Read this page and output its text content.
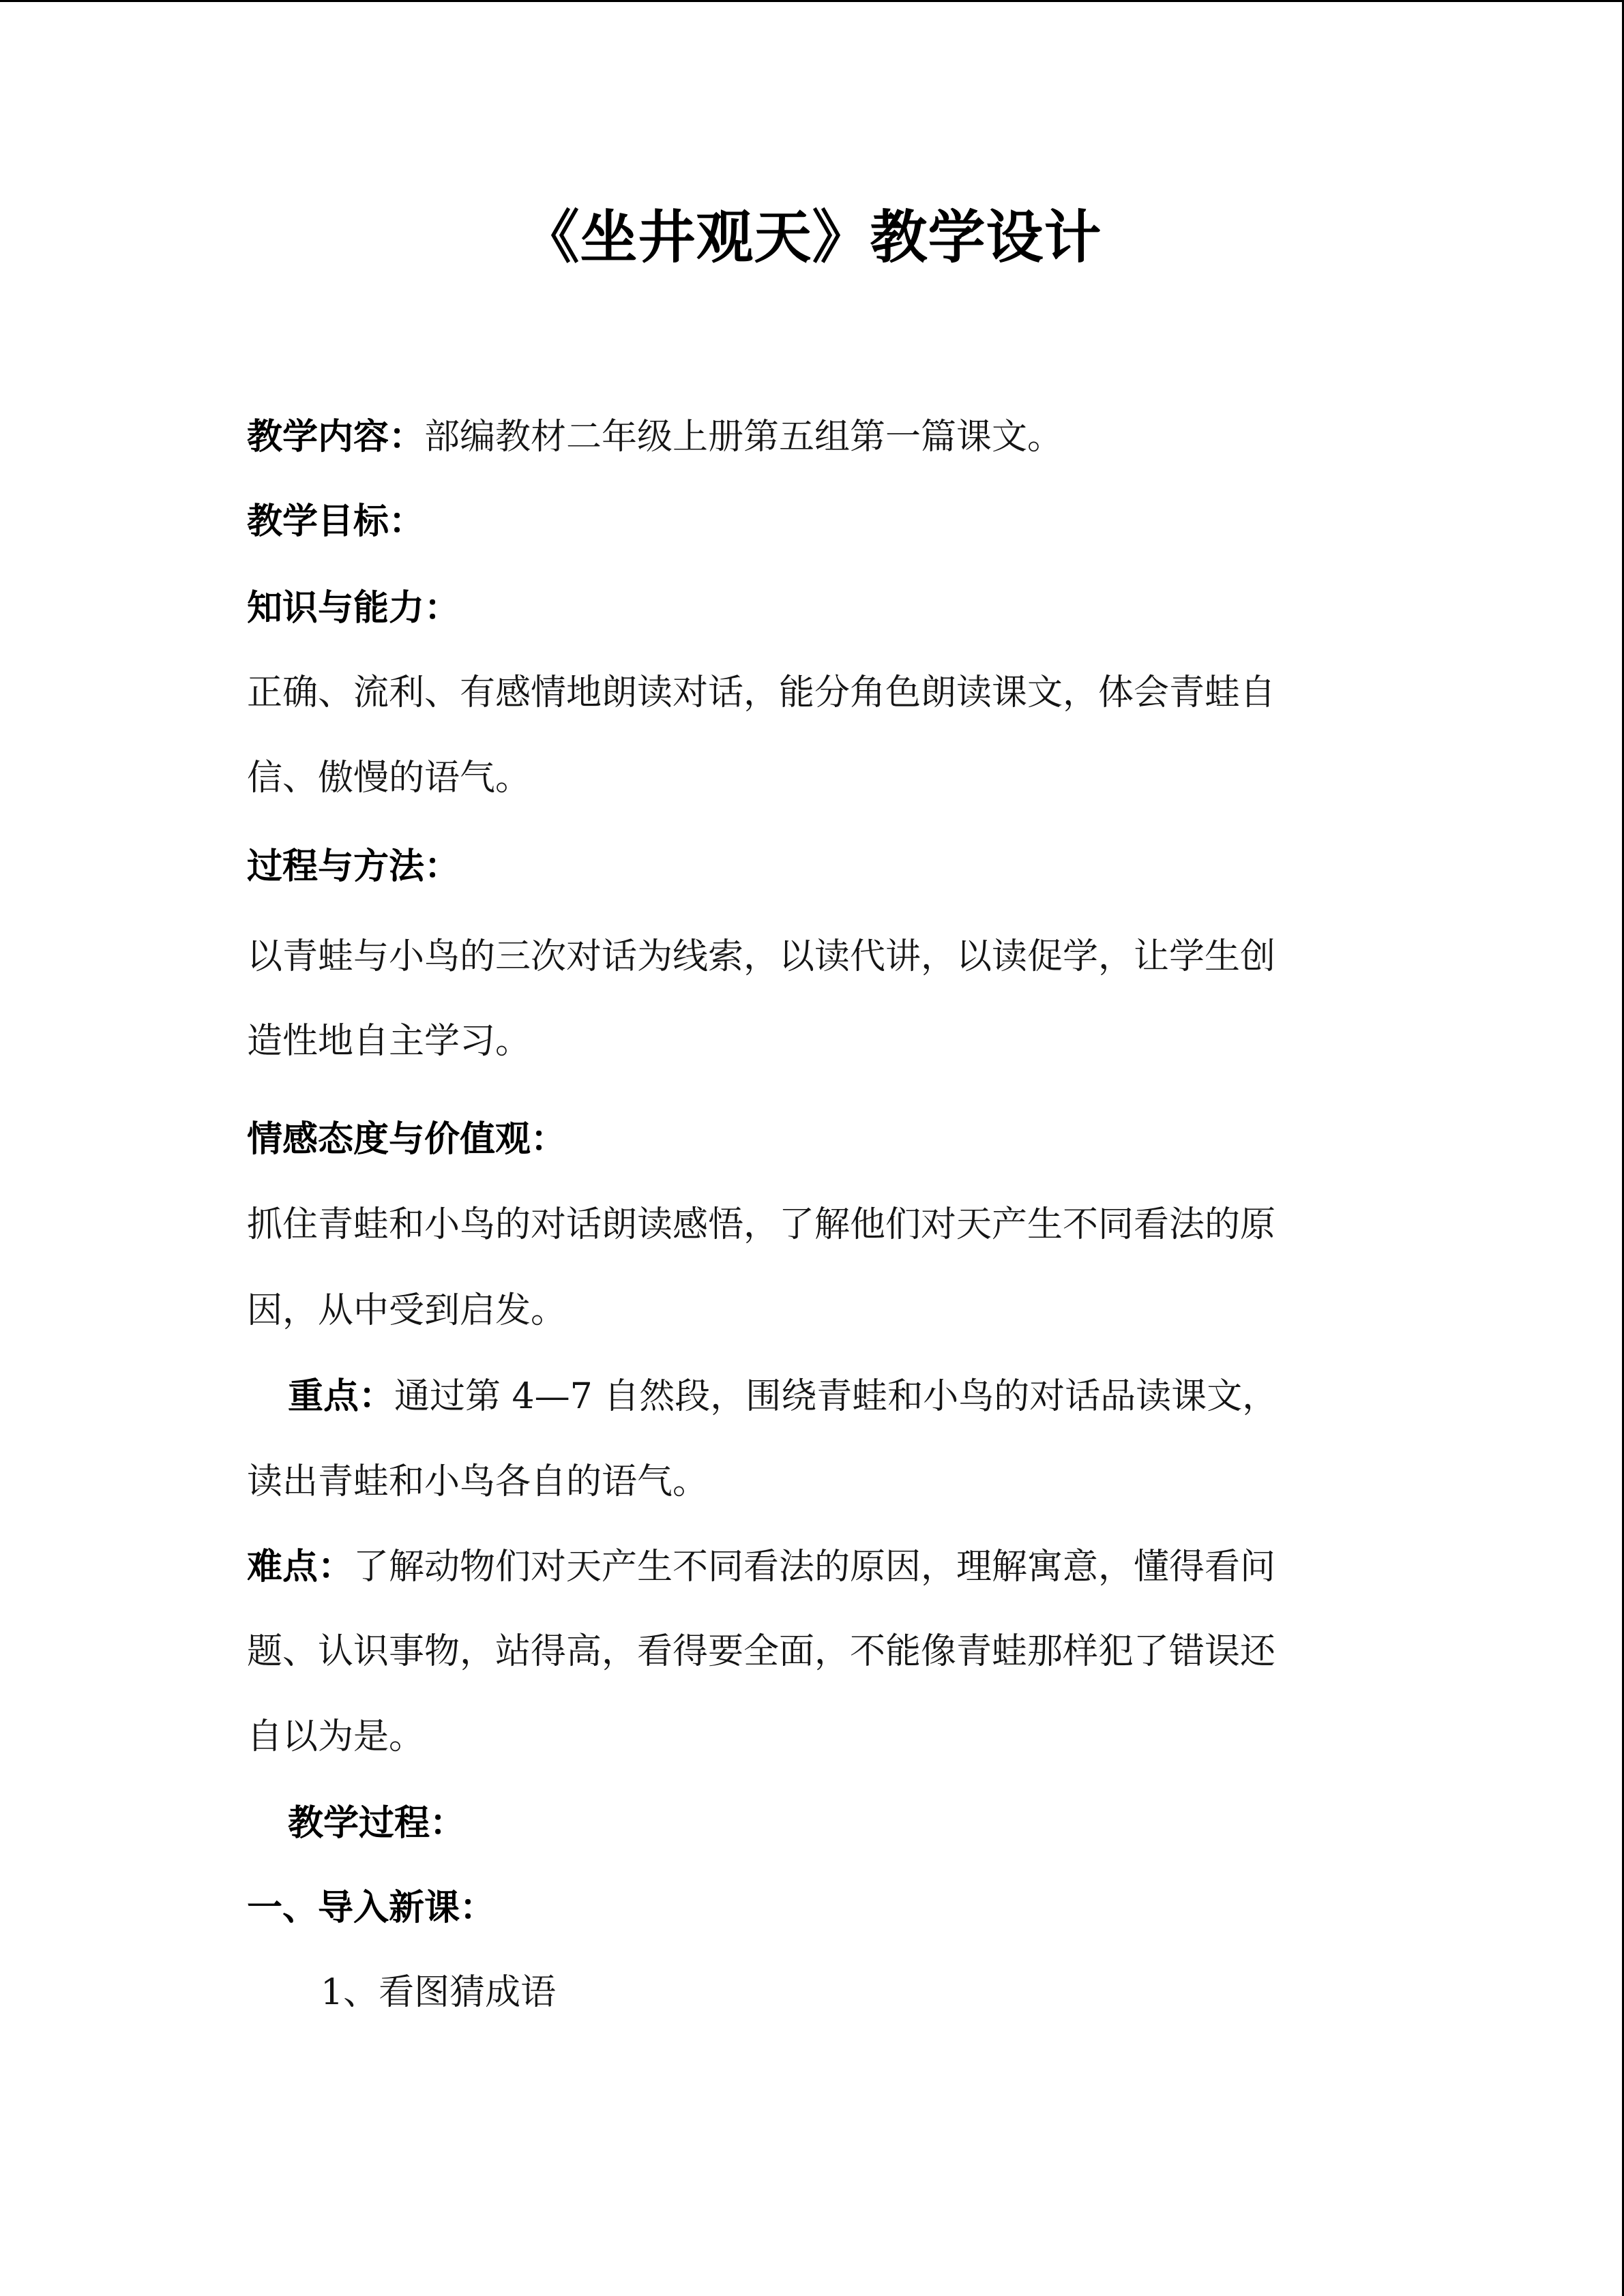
《坐井观天》教学设计
教学内容：部编教材二年级上册第五组第一篇课文。
教学目标：
知识与能力：
正确、流利、有感情地朗读对话，能分角色朗读课文，体会青蛙自
信、傲慢的语气。
过程与方法：
以青蛙与小鸟的三次对话为线索，以读代讲，以读促学，让学生创
造性地自主学习。
情感态度与价值观：
抓住青蛙和小鸟的对话朗读感悟，了解他们对天产生不同看法的原
因，从中受到启发。
重点：通过第 4—7 自然段，围绕青蛙和小鸟的对话品读课文，
读出青蛙和小鸟各自的语气。
难点：了解动物们对天产生不同看法的原因，理解寓意，懂得看问
题、认识事物，站得高，看得要全面，不能像青蛙那样犯了错误还
自以为是。
教学过程：
一、导入新课：
1、看图猜成语
